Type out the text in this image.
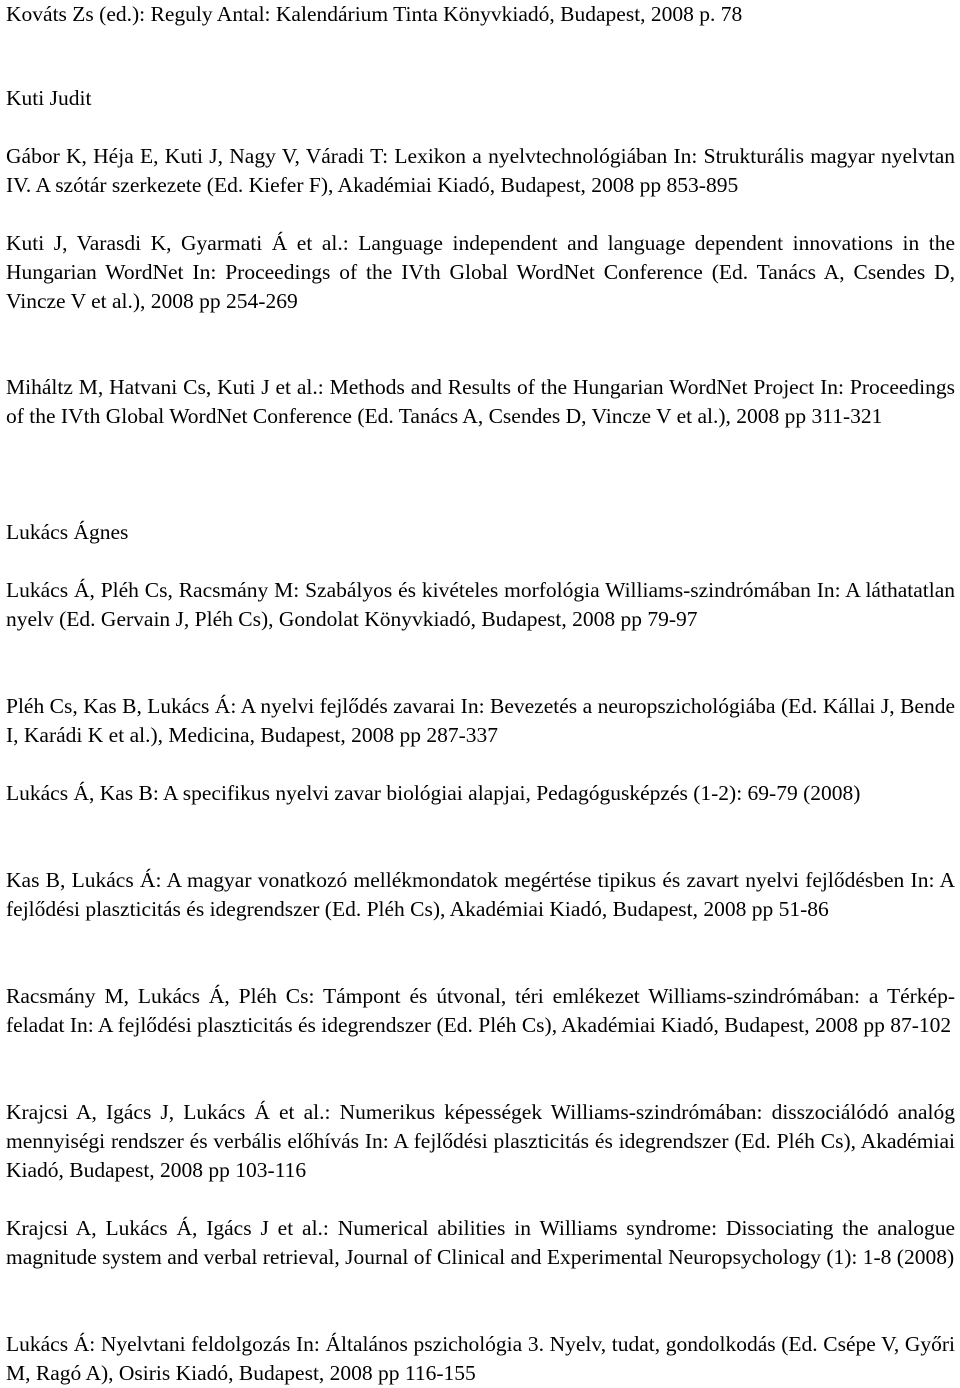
Kováts Zs (ed.): Reguly Antal: Kalendárium Tinta Könyvkiadó, Budapest, 2008 p. 78

Kuti Judit

Gábor K, Héja E, Kuti J, Nagy V, Váradi T: Lexikon a nyelvtechnológiában In: Strukturális magyar nyelvtan IV. A szótár szerkezete (Ed. Kiefer F), Akadémiai Kiadó, Budapest, 2008 pp 853-895

Kuti J, Varasdi K, Gyarmati Á et al.: Language independent and language dependent innovations in the Hungarian WordNet In: Proceedings of the IVth Global WordNet Conference (Ed. Tanács A, Csendes D, Vincze V et al.), 2008 pp 254-269

Miháltz M, Hatvani Cs, Kuti J et al.: Methods and Results of the Hungarian WordNet Project In: Proceedings of the IVth Global WordNet Conference (Ed. Tanács A, Csendes D, Vincze V et al.), 2008 pp 311-321

Lukács Ágnes

Lukács Á, Pléh Cs, Racsmány M: Szabályos és kivételes morfológia Williams-szindrómában In: A láthatatlan nyelv (Ed. Gervain J, Pléh Cs), Gondolat Könyvkiadó, Budapest, 2008 pp 79-97

Pléh Cs, Kas B, Lukács Á: A nyelvi fejlődés zavarai In: Bevezetés a neuropszichológiába (Ed. Kállai J, Bende I, Karádi K et al.), Medicina, Budapest, 2008 pp 287-337

Lukács Á, Kas B: A specifikus nyelvi zavar biológiai alapjai, Pedagógusképzés (1-2): 69-79 (2008)

Kas B, Lukács Á: A magyar vonatkozó mellékmondatok megértése tipikus és zavart nyelvi fejlődésben In: A fejlődési plaszticitás és idegrendszer (Ed. Pléh Cs), Akadémiai Kiadó, Budapest, 2008 pp 51-86

Racsmány M, Lukács Á, Pléh Cs: Támpont és útvonal, téri emlékezet Williams-szindrómában: a Térkép-feladat In: A fejlődési plaszticitás és idegrendszer (Ed. Pléh Cs), Akadémiai Kiadó, Budapest, 2008 pp 87-102

Krajcsi A, Igács J, Lukács Á et al.: Numerikus képességek Williams-szindrómában: disszociálódó analóg mennyiségi rendszer és verbális előhívás In: A fejlődési plaszticitás és idegrendszer (Ed. Pléh Cs), Akadémiai Kiadó, Budapest, 2008 pp 103-116

Krajcsi A, Lukács Á, Igács J et al.: Numerical abilities in Williams syndrome: Dissociating the analogue magnitude system and verbal retrieval, Journal of Clinical and Experimental Neuropsychology (1): 1-8 (2008)

Lukács Á: Nyelvtani feldolgozás In: Általános pszichológia 3. Nyelv, tudat, gondolkodás (Ed. Csépe V, Győri M, Ragó A), Osiris Kiadó, Budapest, 2008 pp 116-155
